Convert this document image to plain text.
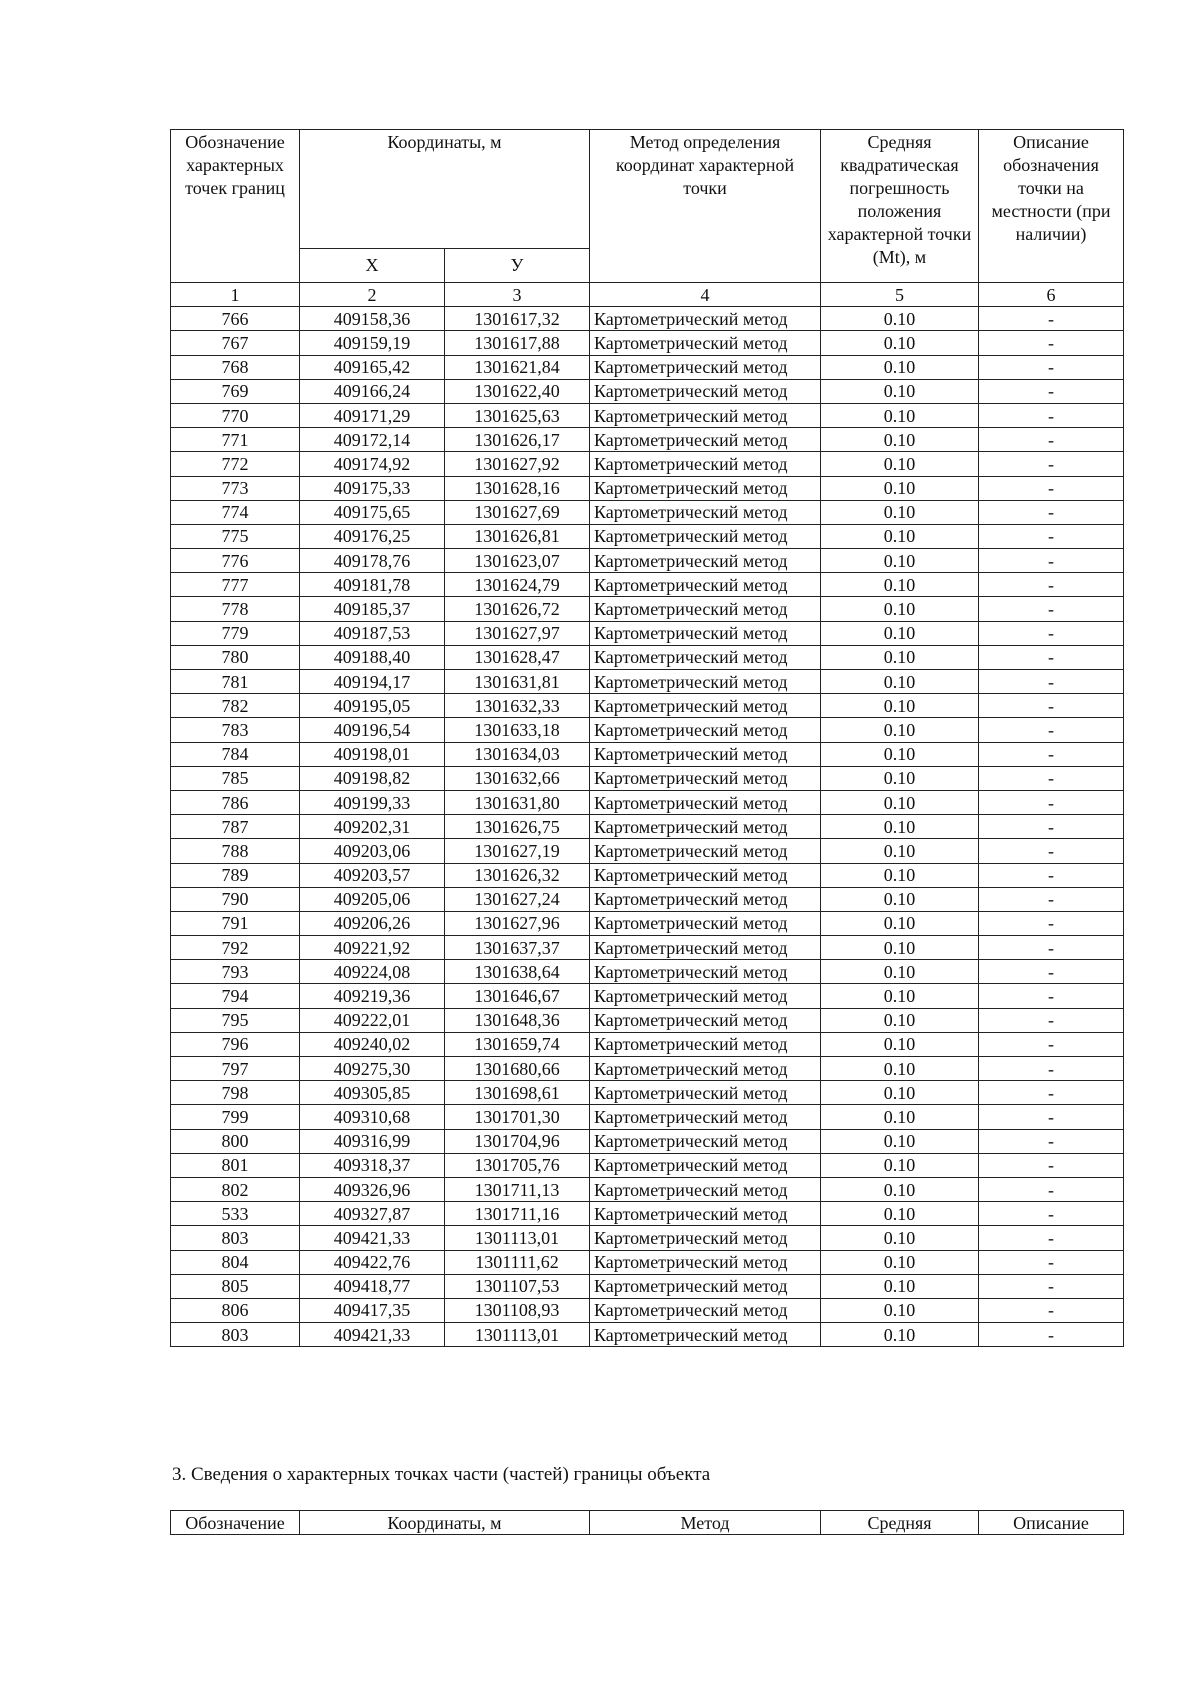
Обозначение характерных точек границ	Координаты, м		Метод определения координат характерной точки	Средняя квадратическая погрешность положения характерной точки (Мt), м	Описание обозначения точки на местности (при наличии)
	Х	У			
1	2	3	4	5	6
766	409158,36	1301617,32	Картометрический метод	0.10	-
767	409159,19	1301617,88	Картометрический метод	0.10	-
768	409165,42	1301621,84	Картометрический метод	0.10	-
769	409166,24	1301622,40	Картометрический метод	0.10	-
770	409171,29	1301625,63	Картометрический метод	0.10	-
771	409172,14	1301626,17	Картометрический метод	0.10	-
772	409174,92	1301627,92	Картометрический метод	0.10	-
773	409175,33	1301628,16	Картометрический метод	0.10	-
774	409175,65	1301627,69	Картометрический метод	0.10	-
775	409176,25	1301626,81	Картометрический метод	0.10	-
776	409178,76	1301623,07	Картометрический метод	0.10	-
777	409181,78	1301624,79	Картометрический метод	0.10	-
778	409185,37	1301626,72	Картометрический метод	0.10	-
779	409187,53	1301627,97	Картометрический метод	0.10	-
780	409188,40	1301628,47	Картометрический метод	0.10	-
781	409194,17	1301631,81	Картометрический метод	0.10	-
782	409195,05	1301632,33	Картометрический метод	0.10	-
783	409196,54	1301633,18	Картометрический метод	0.10	-
784	409198,01	1301634,03	Картометрический метод	0.10	-
785	409198,82	1301632,66	Картометрический метод	0.10	-
786	409199,33	1301631,80	Картометрический метод	0.10	-
787	409202,31	1301626,75	Картометрический метод	0.10	-
788	409203,06	1301627,19	Картометрический метод	0.10	-
789	409203,57	1301626,32	Картометрический метод	0.10	-
790	409205,06	1301627,24	Картометрический метод	0.10	-
791	409206,26	1301627,96	Картометрический метод	0.10	-
792	409221,92	1301637,37	Картометрический метод	0.10	-
793	409224,08	1301638,64	Картометрический метод	0.10	-
794	409219,36	1301646,67	Картометрический метод	0.10	-
795	409222,01	1301648,36	Картометрический метод	0.10	-
796	409240,02	1301659,74	Картометрический метод	0.10	-
797	409275,30	1301680,66	Картометрический метод	0.10	-
798	409305,85	1301698,61	Картометрический метод	0.10	-
799	409310,68	1301701,30	Картометрический метод	0.10	-
800	409316,99	1301704,96	Картометрический метод	0.10	-
801	409318,37	1301705,76	Картометрический метод	0.10	-
802	409326,96	1301711,13	Картометрический метод	0.10	-
533	409327,87	1301711,16	Картометрический метод	0.10	-
803	409421,33	1301113,01	Картометрический метод	0.10	-
804	409422,76	1301111,62	Картометрический метод	0.10	-
805	409418,77	1301107,53	Картометрический метод	0.10	-
806	409417,35	1301108,93	Картометрический метод	0.10	-
803	409421,33	1301113,01	Картометрический метод	0.10	-
3. Сведения о характерных точках части (частей) границы объекта
Обозначение	Координаты, м	Метод	Средняя	Описание
